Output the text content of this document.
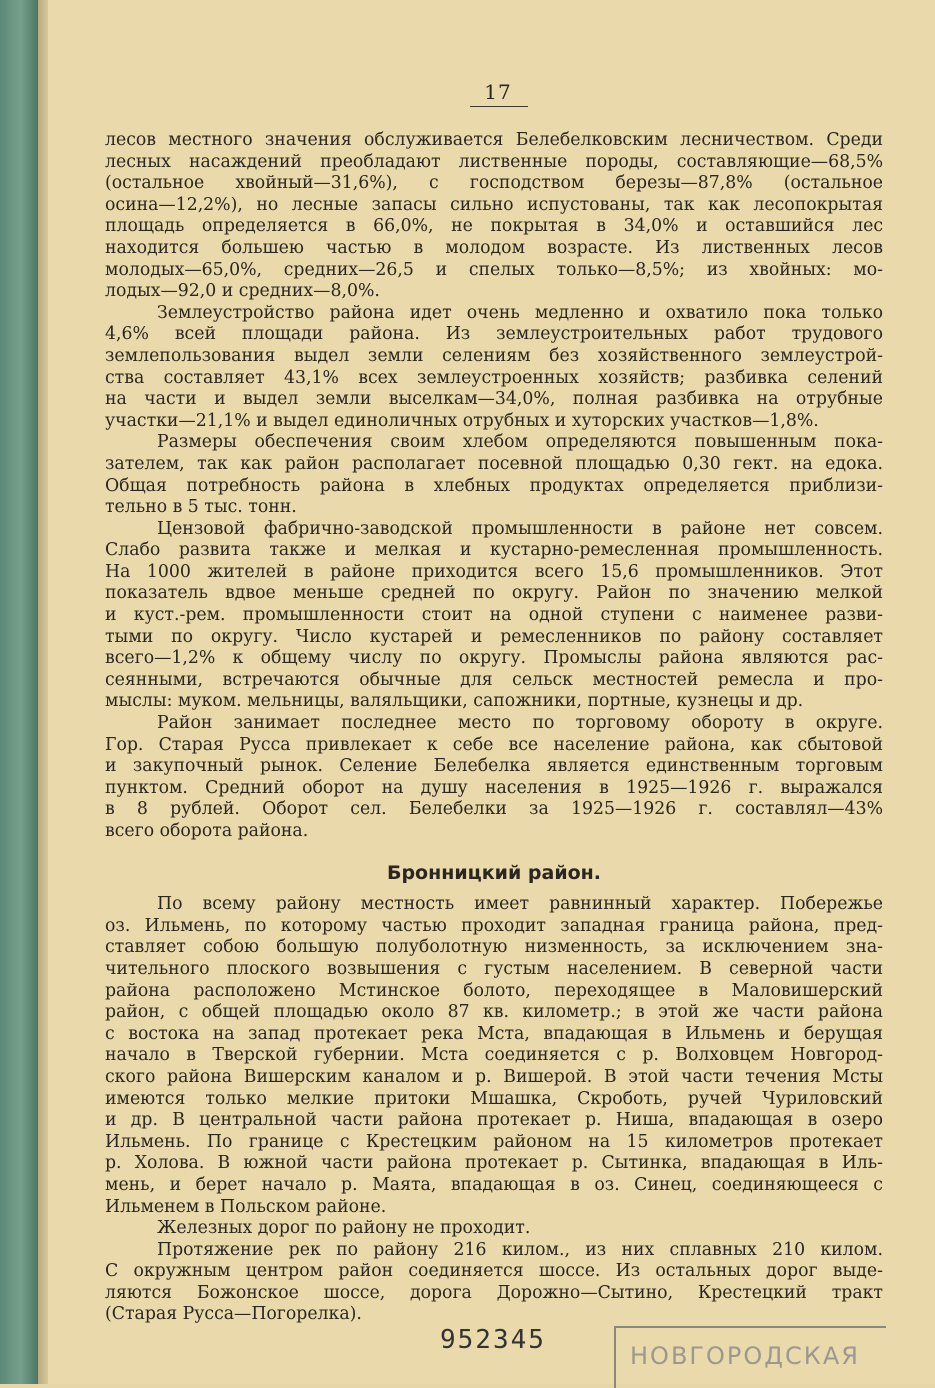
17
лесов местного значения обслуживается Белебелковским лесничеством. Среди
лесных насаждений преобладают лиственные породы, составляющие—68,5%
(остальное хвойный—31,6%), с господством березы—87,8% (остальное
осина—12,2%), но лесные запасы сильно испустованы, так как лесопокрытая
площадь определяется в 66,0%, не покрытая в 34,0% и оставшийся лес
находится большею частью в молодом возрасте. Из лиственных лесов
молодых—65,0%, средних—26,5 и спелых только—8,5%; из хвойных: мо-
лодых—92,0 и средних—8,0%.
Землеустройство района идет очень медленно и охватило пока только
4,6% всей площади района. Из землеустроительных работ трудового
землепользования выдел земли селениям без хозяйственного землеустрой-
ства составляет 43,1% всех землеустроенных хозяйств; разбивка селений
на части и выдел земли выселкам—34,0%, полная разбивка на отрубные
участки—21,1% и выдел единоличных отрубных и хуторских участков—1,8%.
Размеры обеспечения своим хлебом определяются повышенным пока-
зателем, так как район располагает посевной площадью 0,30 гект. на едока.
Общая потребность района в хлебных продуктах определяется приблизи-
тельно в 5 тыс. тонн.
Цензовой фабрично-заводской промышленности в районе нет совсем.
Слабо развита также и мелкая и кустарно-ремесленная промышленность.
На 1000 жителей в районе приходится всего 15,6 промышленников. Этот
показатель вдвое меньше средней по округу. Район по значению мелкой
и куст.-рем. промышленности стоит на одной ступени с наименее разви-
тыми по округу. Число кустарей и ремесленников по району составляет
всего—1,2% к общему числу по округу. Промыслы района являются рас-
сеянными, встречаются обычные для сельск местностей ремесла и про-
мыслы: муком. мельницы, валяльщики, сапожники, портные, кузнецы и др.
Район занимает последнее место по торговому обороту в округе.
Гор. Старая Русса привлекает к себе все население района, как сбытовой
и закупочный рынок. Селение Белебелка является единственным торговым
пунктом. Средний оборот на душу населения в 1925—1926 г. выражался
в 8 рублей. Оборот сел. Белебелки за 1925—1926 г. составлял—43%
всего оборота района.
Бронницкий район.
По всему району местность имеет равнинный характер. Побережье
оз. Ильмень, по которому частью проходит западная граница района, пред-
ставляет собою большую полуболотную низменность, за исключением зна-
чительного плоского возвышения с густым населением. В северной части
района расположено Мстинское болото, переходящее в Маловишерский
район, с общей площадью около 87 кв. километр.; в этой же части района
с востока на запад протекает река Мста, впадающая в Ильмень и берущая
начало в Тверской губернии. Мста соединяется с р. Волховцем Новгород-
ского района Вишерским каналом и р. Вишерой. В этой части течения Мсты
имеются только мелкие притоки Мшашка, Скроботь, ручей Чуриловский
и др. В центральной части района протекает р. Ниша, впадающая в озеро
Ильмень. По границе с Крестецким районом на 15 километров протекает
р. Холова. В южной части района протекает р. Сытинка, впадающая в Иль-
мень, и берет начало р. Маята, впадающая в оз. Синец, соединяющееся с
Ильменем в Польском районе.
Железных дорог по району не проходит.
Протяжение рек по району 216 килом., из них сплавных 210 килом.
С окружным центром район соединяется шоссе. Из остальных дорог выде-
ляются Божонское шоссе, дорога Дорожно—Сытино, Крестецкий тракт
(Старая Русса—Погорелка).
952345
НОВГОРОДСКАЯ
